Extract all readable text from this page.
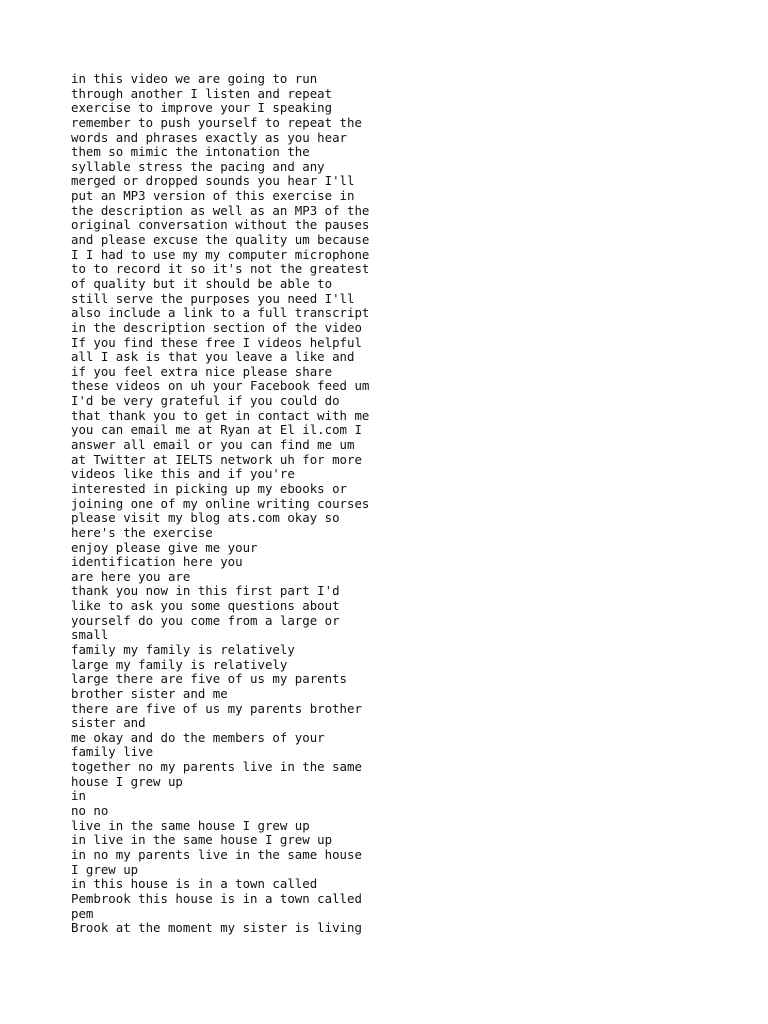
in this video we are going to run
through another I listen and repeat
exercise to improve your I speaking
remember to push yourself to repeat the
words and phrases exactly as you hear
them so mimic the intonation the
syllable stress the pacing and any
merged or dropped sounds you hear I'll
put an MP3 version of this exercise in
the description as well as an MP3 of the
original conversation without the pauses
and please excuse the quality um because
I I had to use my my computer microphone
to to record it so it's not the greatest
of quality but it should be able to
still serve the purposes you need I'll
also include a link to a full transcript
in the description section of the video
If you find these free I videos helpful
all I ask is that you leave a like and
if you feel extra nice please share
these videos on uh your Facebook feed um
I'd be very grateful if you could do
that thank you to get in contact with me
you can email me at Ryan at El il.com I
answer all email or you can find me um
at Twitter at IELTS network uh for more
videos like this and if you're
interested in picking up my ebooks or
joining one of my online writing courses
please visit my blog ats.com okay so
here's the exercise
enjoy please give me your
identification here you
are here you are
thank you now in this first part I'd
like to ask you some questions about
yourself do you come from a large or
small
family my family is relatively
large my family is relatively
large there are five of us my parents
brother sister and me
there are five of us my parents brother
sister and
me okay and do the members of your
family live
together no my parents live in the same
house I grew up
in
no no
live in the same house I grew up
in live in the same house I grew up
in no my parents live in the same house
I grew up
in this house is in a town called
Pembrook this house is in a town called
pem
Brook at the moment my sister is living
